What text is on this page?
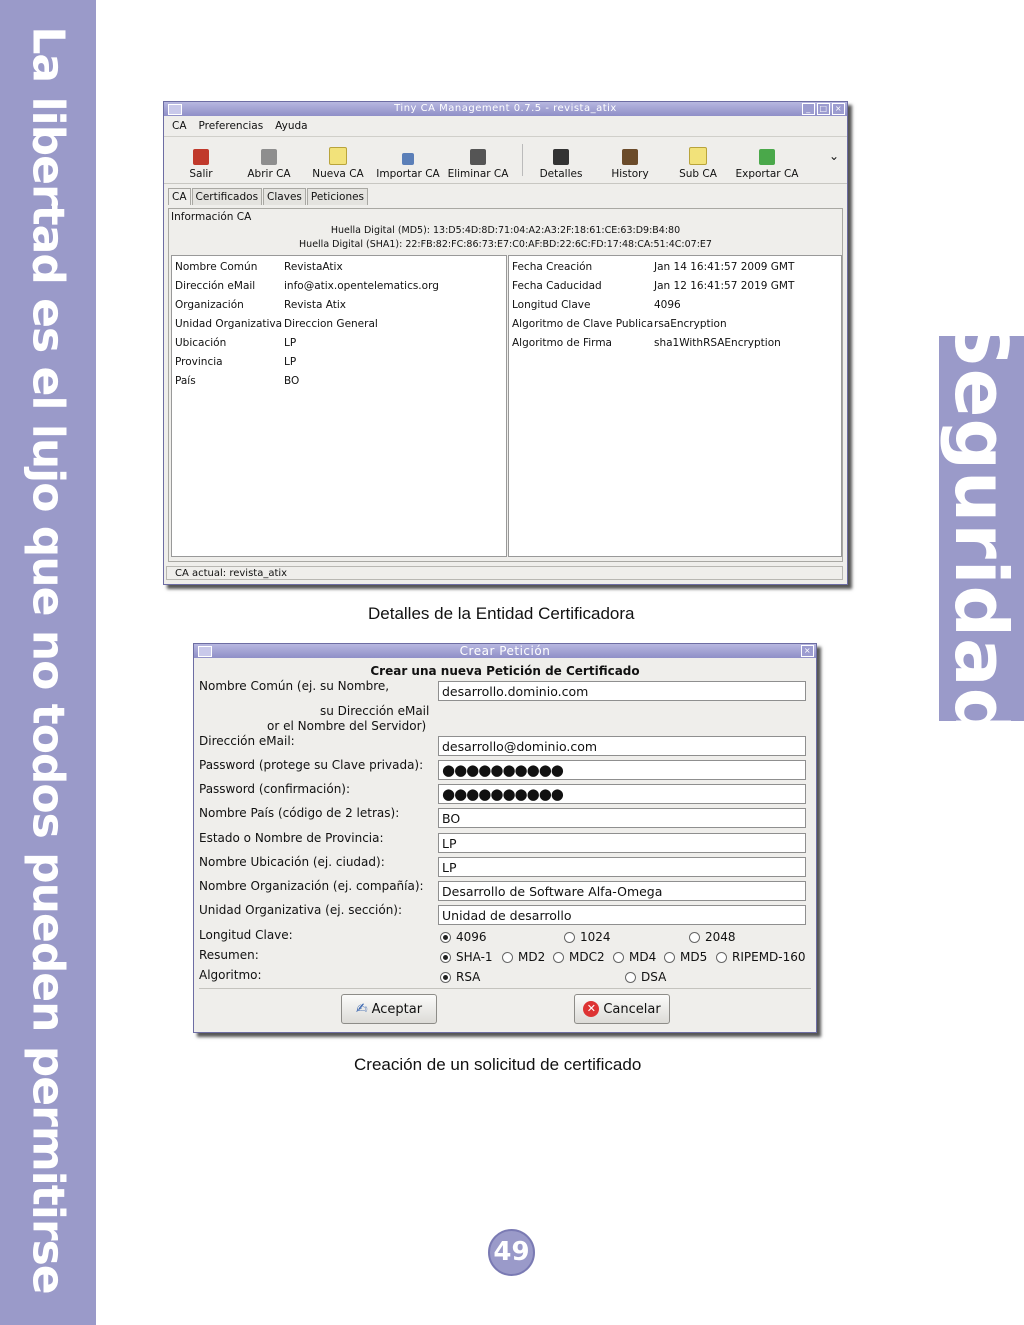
La libertad es el lujo que no todos pueden permitirse	Seguridad
Tiny CA Management 0.7.5 - revista_atix	_	□ ×
CA Preferencias Ayuda
Salir	Abrir CA Nueva CA Importar CA Eliminar CA	Detalles	History	Sub CA Exportar CA
⌄
CA Certificados Claves Peticiones
Información CA
Huella Digital (MD5): 13:D5:4D:8D:71:04:A2:A3:2F:18:61:CE:63:D9:B4:80
Huella Digital (SHA1): 22:FB:82:FC:86:73:E7:C0:AF:BD:22:6C:FD:17:48:CA:51:4C:07:E7
Nombre Común	RevistaAtix
Dirección eMail	info@atix.opentelematics.org
Organización	Revista Atix
Unidad Organizativa Direccion General
Ubicación	LP
Provincia	LP
País	BO
Fecha Creación	Jan 14 16:41:57 2009 GMT
Fecha Caducidad	Jan 12 16:41:57 2019 GMT
Longitud Clave	4096
Algoritmo de Clave Publica rsaEncryption
Algoritmo de Firma	sha1WithRSAEncryption
CA actual: revista_atix
Detalles de la Entidad Certificadora
Crear Petición	×
Crear una nueva Petición de Certificado
Nombre Común (ej. su Nombre,	desarrollo.dominio.com
su Dirección eMail
or el Nombre del Servidor)
Dirección eMail:	desarrollo@dominio.com
Password (protege su Clave privada): ●●●●●●●●●●
Password (confirmación):	●●●●●●●●●●
Nombre País (código de 2 letras):	BO
Estado o Nombre de Provincia:	LP
Nombre Ubicación (ej. ciudad):	LP
Nombre Organización (ej. compañía):	Desarrollo de Software Alfa-Omega
Unidad Organizativa (ej. sección):	Unidad de desarrollo
Longitud Clave:	4096	1024	2048
Resumen:	SHA-1 MD2 MDC2 MD4 MD5 RIPEMD-160
Algoritmo:	RSA	DSA
✍ Aceptar	✕ Cancelar
Creación de un solicitud de certificado
49
